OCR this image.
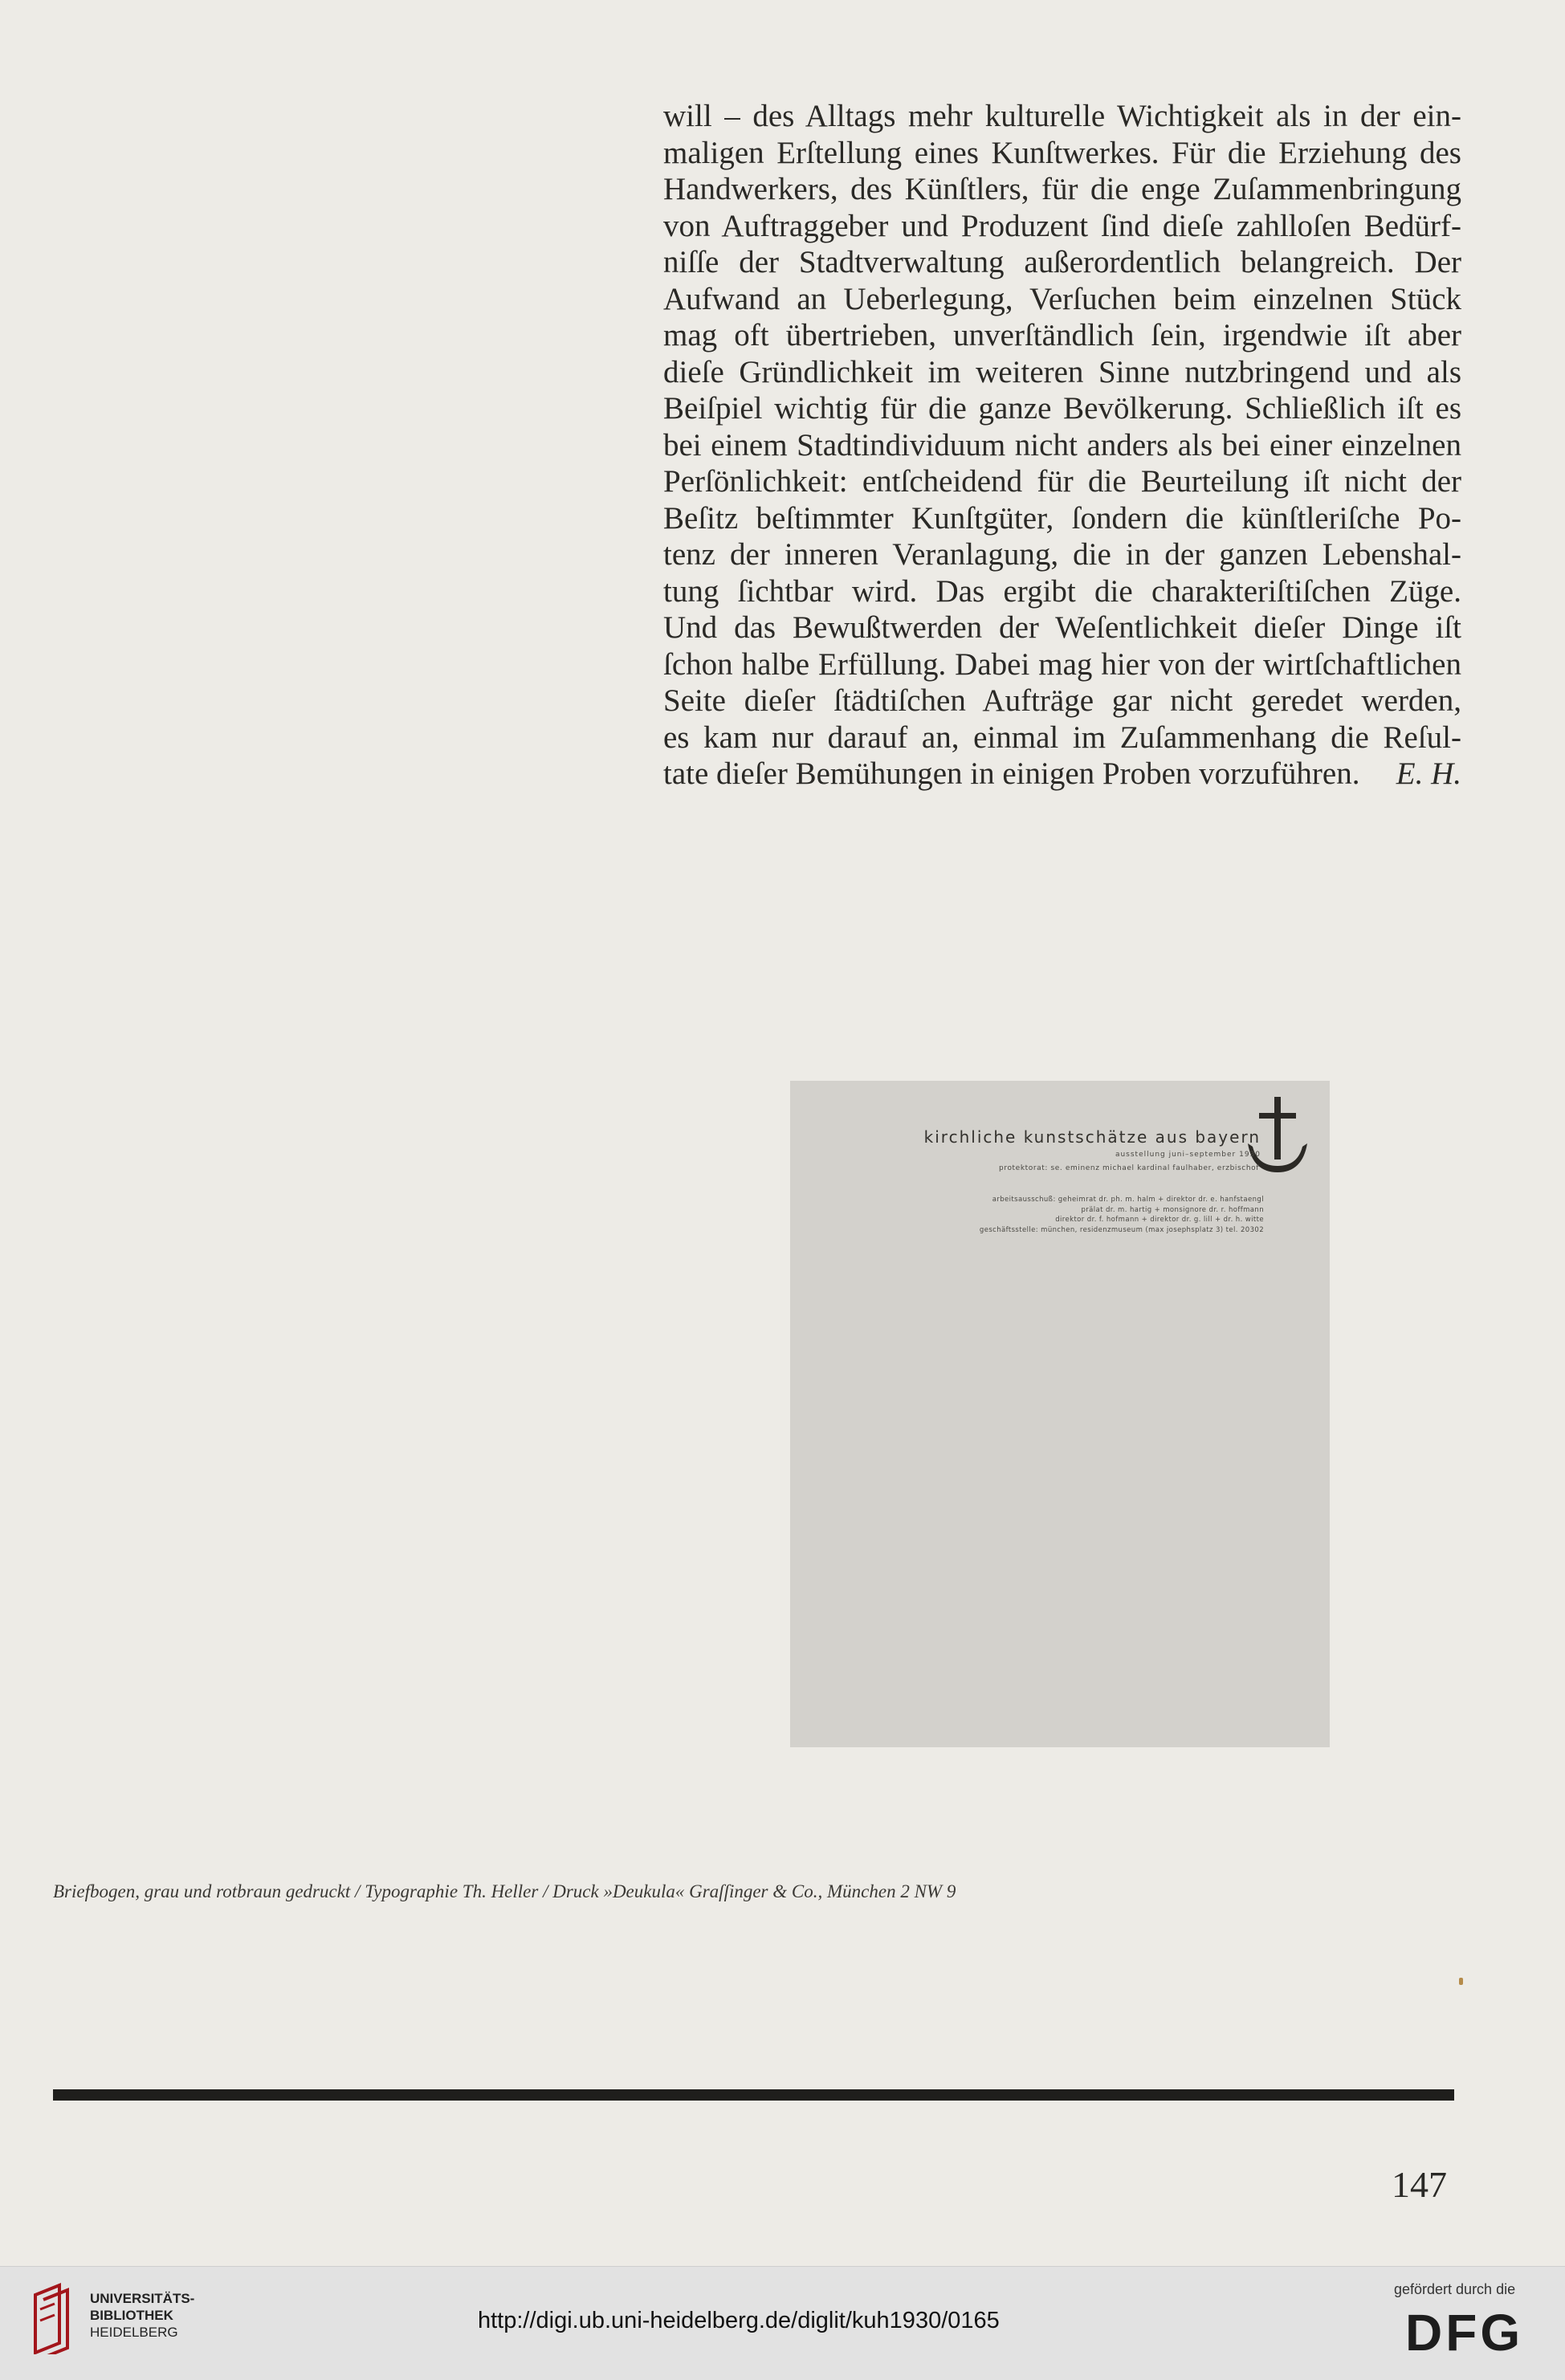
will – des Alltags mehr kulturelle Wichtigkeit als in der ein-
maligen Erſtellung eines Kunſtwerkes. Für die Erziehung des
Handwerkers, des Künſtlers, für die enge Zuſammenbringung
von Auftraggeber und Produzent ſind dieſe zahlloſen Bedürf-
niſſe der Stadtverwaltung außerordentlich belangreich. Der
Aufwand an Ueberlegung, Verſuchen beim einzelnen Stück
mag oft übertrieben, unverſtändlich ſein, irgendwie iſt aber
dieſe Gründlichkeit im weiteren Sinne nutzbringend und als
Beiſpiel wichtig für die ganze Bevölkerung. Schließlich iſt es
bei einem Stadtindividuum nicht anders als bei einer einzelnen
Perſönlichkeit: entſcheidend für die Beurteilung iſt nicht der
Beſitz beſtimmter Kunſtgüter, ſondern die künſtleriſche Po-
tenz der inneren Veranlagung, die in der ganzen Lebenshal-
tung ſichtbar wird. Das ergibt die charakteriſtiſchen Züge.
Und das Bewußtwerden der Weſentlichkeit dieſer Dinge iſt
ſchon halbe Erfüllung. Dabei mag hier von der wirtſchaftlichen
Seite dieſer ſtädtiſchen Aufträge gar nicht geredet werden,
es kam nur darauf an, einmal im Zuſammenhang die Reſul-
tate dieſer Bemühungen in einigen Proben vorzuführen. E. H.
kirchliche kunstschätze aus bayern
ausstellung juni–september 1930
protektorat: se. eminenz michael kardinal faulhaber, erzbischof
arbeitsausschuß: geheimrat dr. ph. m. halm + direktor dr. e. hanfstaengl
prälat dr. m. hartig + monsignore dr. r. hoffmann
direktor dr. f. hofmann + direktor dr. g. lill + dr. h. witte
geschäftsstelle: münchen, residenzmuseum (max josephsplatz 3) tel. 20302
Briefbogen, grau und rotbraun gedruckt / Typographie Th. Heller / Druck »Deukula« Graſſinger & Co., München 2 NW 9
147
UNIVERSITÄTS-
BIBLIOTHEK
HEIDELBERG	http://digi.ub.uni-heidelberg.de/diglit/kuh1930/0165
gefördert durch die
DFG
